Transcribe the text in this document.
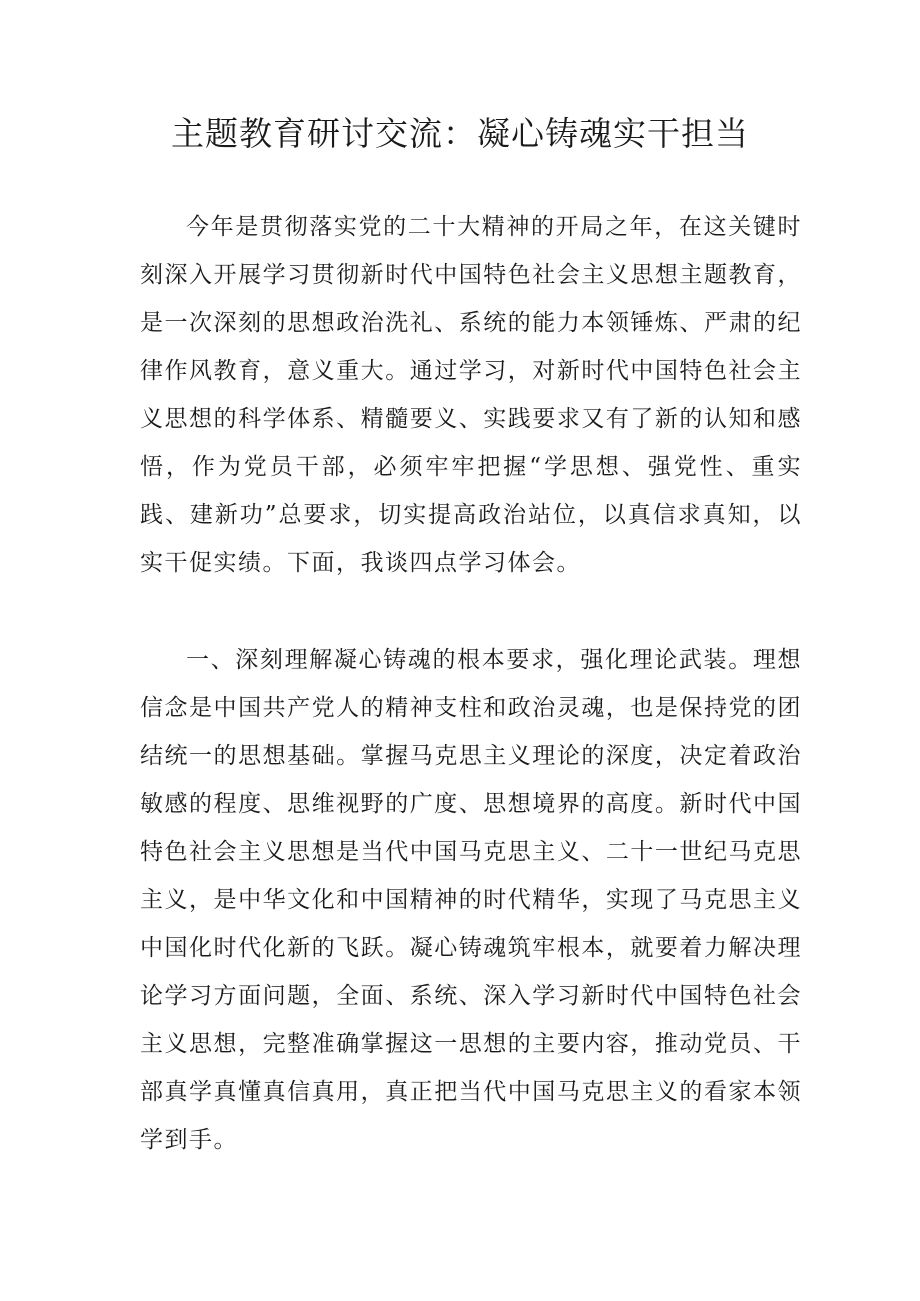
主题教育研讨交流：凝心铸魂实干担当

今年是贯彻落实党的二十大精神的开局之年，在这关键时刻深入开展学习贯彻新时代中国特色社会主义思想主题教育，是一次深刻的思想政治洗礼、系统的能力本领锤炼、严肃的纪律作风教育，意义重大。通过学习，对新时代中国特色社会主义思想的科学体系、精髓要义、实践要求又有了新的认知和感悟，作为党员干部，必须牢牢把握“学思想、强党性、重实践、建新功”总要求，切实提高政治站位，以真信求真知，以实干促实绩。下面，我谈四点学习体会。

一、深刻理解凝心铸魂的根本要求，强化理论武装。理想信念是中国共产党人的精神支柱和政治灵魂，也是保持党的团结统一的思想基础。掌握马克思主义理论的深度，决定着政治敏感的程度、思维视野的广度、思想境界的高度。新时代中国特色社会主义思想是当代中国马克思主义、二十一世纪马克思主义，是中华文化和中国精神的时代精华，实现了马克思主义中国化时代化新的飞跃。凝心铸魂筑牢根本，就要着力解决理论学习方面问题，全面、系统、深入学习新时代中国特色社会主义思想，完整准确掌握这一思想的主要内容，推动党员、干部真学真懂真信真用，真正把当代中国马克思主义的看家本领学到手。
